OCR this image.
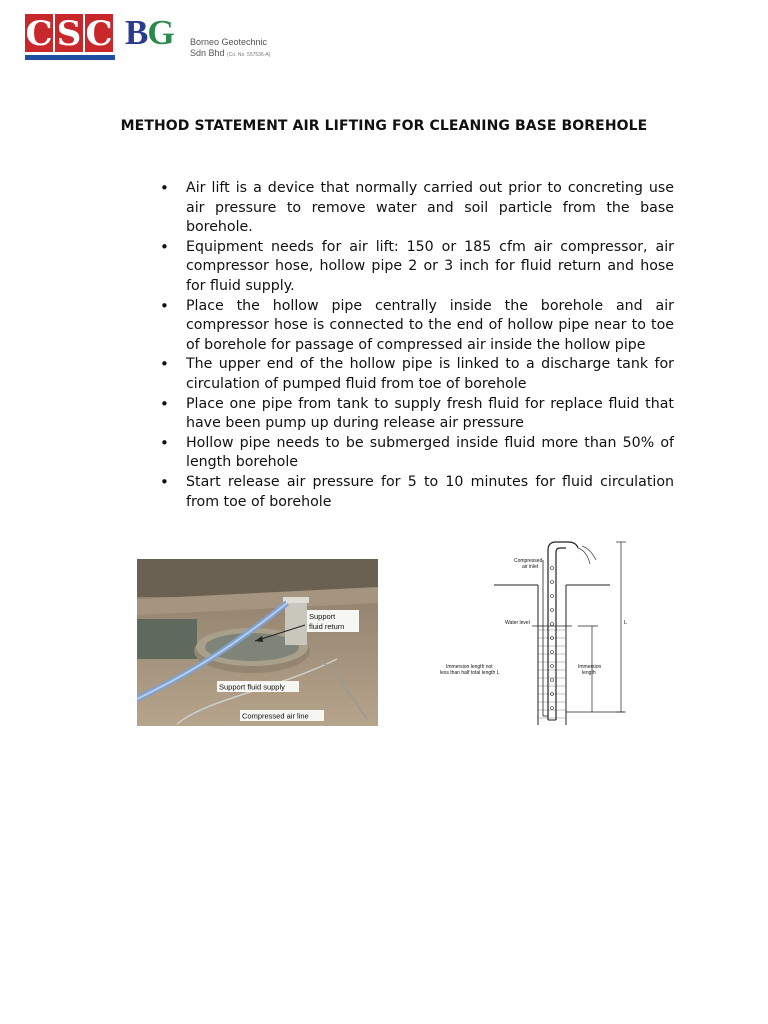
C S C BG Borneo Geotechnic
Sdn Bhd (Co. No. 557536-A)
METHOD STATEMENT AIR LIFTING FOR CLEANING BASE BOREHOLE
• Air lift is a device that normally carried out prior to concreting use air pressure to remove water and soil particle from the base borehole.
• Equipment needs for air lift: 150 or 185 cfm air compressor, air compressor hose, hollow pipe 2 or 3 inch for fluid return and hose for fluid supply.
• Place the hollow pipe centrally inside the borehole and air compressor hose is connected to the end of hollow pipe near to toe of borehole for passage of compressed air inside the hollow pipe
• The upper end of the hollow pipe is linked to a discharge tank for circulation of pumped fluid from toe of borehole
• Place one pipe from tank to supply fresh fluid for replace fluid that have been pump up during release air pressure
• Hollow pipe needs to be submerged inside fluid more than 50% of length borehole
• Start release air pressure for 5 to 10 minutes for fluid circulation from toe of borehole
Support
fluid return
Support fluid supply
Compressed air line
Compressed
air inlet
Water level	L
Immersion length not
less than half total length L
Immersion
length
